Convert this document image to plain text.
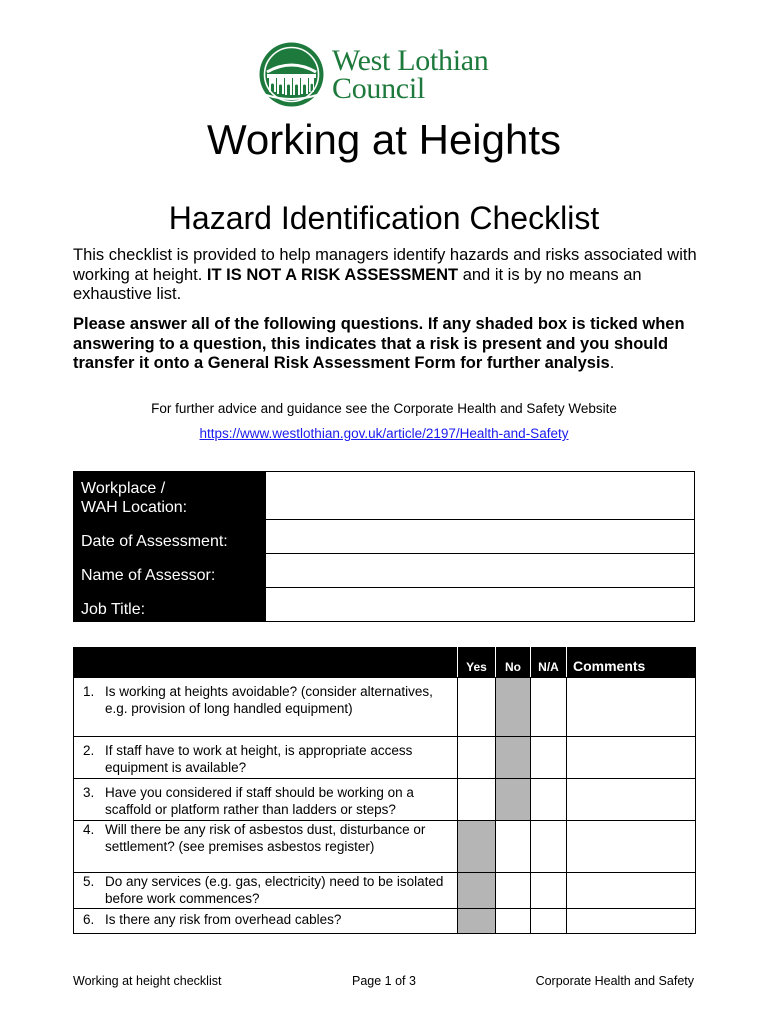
West Lothian
Council
Working at Heights
Hazard Identification Checklist
This checklist is provided to help managers identify hazards and risks associated with working at height. IT IS NOT A RISK ASSESSMENT and it is by no means an exhaustive list.
Please answer all of the following questions. If any shaded box is ticked when answering to a question, this indicates that a risk is present and you should transfer it onto a General Risk Assessment Form for further analysis.
For further advice and guidance see the Corporate Health and Safety Website
https://www.westlothian.gov.uk/article/2197/Health-and-Safety
Workplace /
WAH Location:	

Date of Assessment:	
Name of Assessor:	
Job Title:	
	Yes	No	N/A	Comments

1. Is working at heights avoidable? (consider alternatives, e.g. provision of long handled equipment)				

2. If staff have to work at height, is appropriate access equipment is available?				

3. Have you considered if staff should be working on a scaffold or platform rather than ladders or steps?				

4. Will there be any risk of asbestos dust, disturbance or settlement? (see premises asbestos register)				

5. Do any services (e.g. gas, electricity) need to be isolated before work commences?				

6. Is there any risk from overhead cables?				

Working at height checklist	Page 1 of 3	Corporate Health and Safety
